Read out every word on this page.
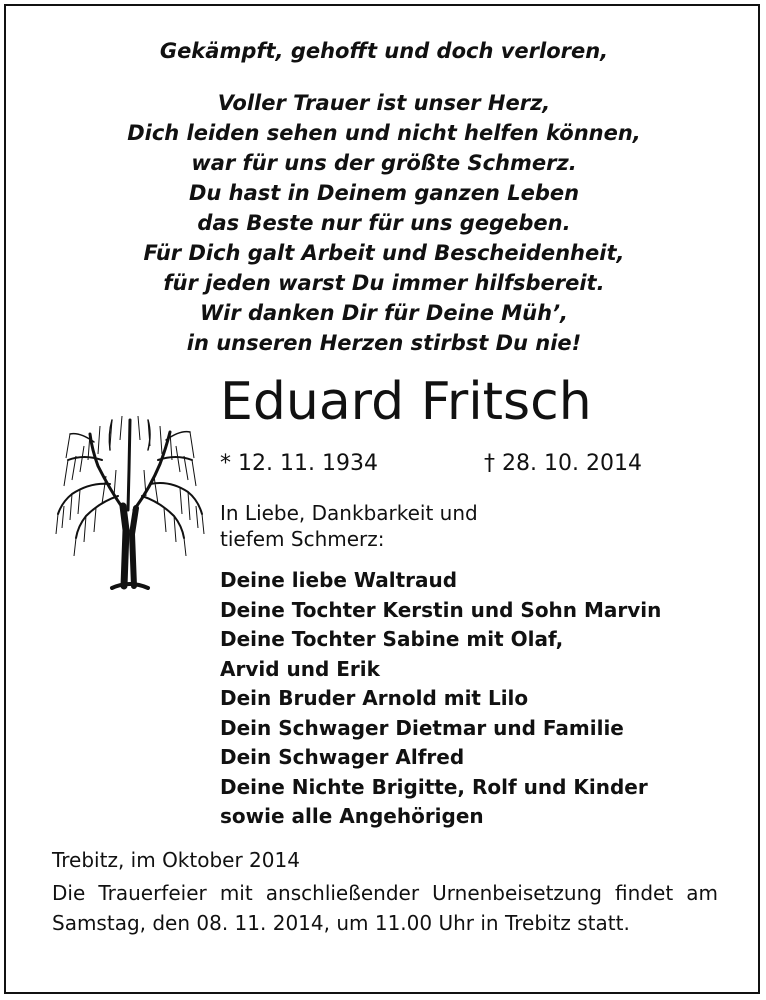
Gekämpft, gehofft und doch verloren,

Voller Trauer ist unser Herz,
Dich leiden sehen und nicht helfen können,
war für uns der größte Schmerz.
Du hast in Deinem ganzen Leben
das Beste nur für uns gegeben.
Für Dich galt Arbeit und Bescheidenheit,
für jeden warst Du immer hilfsbereit.
Wir danken Dir für Deine Müh’,
in unseren Herzen stirbst Du nie!
Eduard Fritsch
* 12. 11. 1934	† 28. 10. 2014
In Liebe, Dankbarkeit und
tiefem Schmerz:
Deine liebe Waltraud
Deine Tochter Kerstin und Sohn Marvin
Deine Tochter Sabine mit Olaf,
Arvid und Erik
Dein Bruder Arnold mit Lilo
Dein Schwager Dietmar und Familie
Dein Schwager Alfred
Deine Nichte Brigitte, Rolf und Kinder
sowie alle Angehörigen
Trebitz, im Oktober 2014

Die Trauerfeier mit anschließender Urnenbeisetzung findet am Samstag, den 08. 11. 2014, um 11.00 Uhr in Trebitz statt.
